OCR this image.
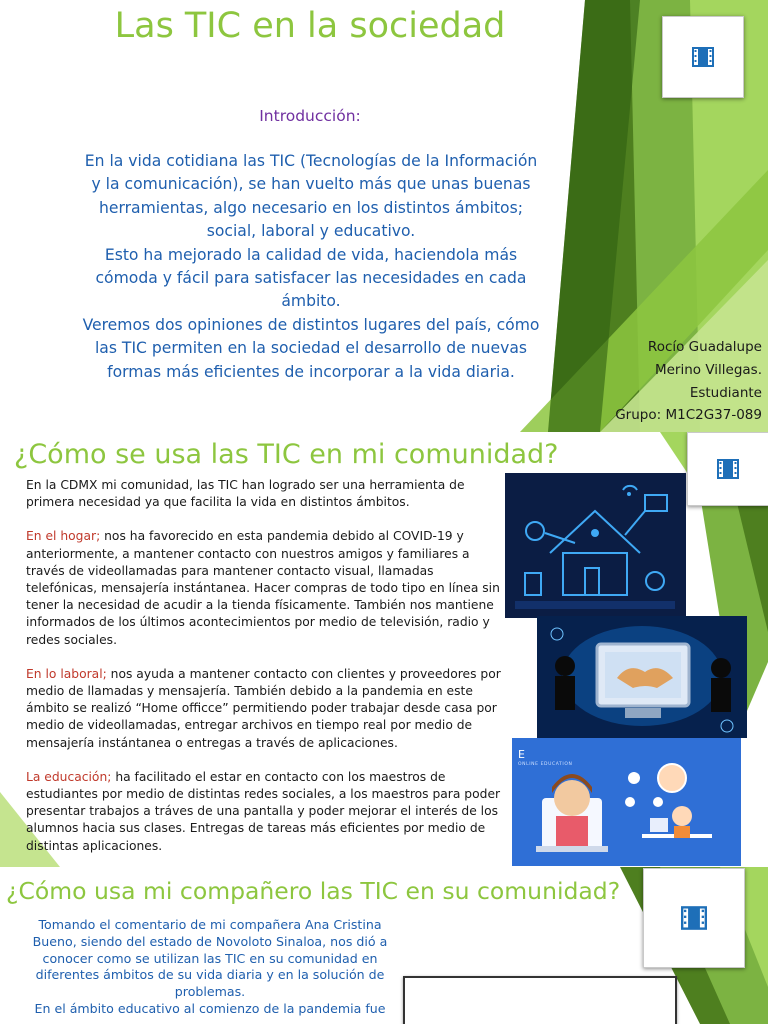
Las TIC en la sociedad
Introducción:
En la vida cotidiana las TIC (Tecnologías de la Información
y la comunicación), se han vuelto más que unas buenas
herramientas, algo necesario en los distintos ámbitos;
social, laboral y educativo.
Esto ha mejorado la calidad de vida, haciendola más
cómoda y fácil para satisfacer las necesidades en cada
ámbito.
Veremos dos opiniones de distintos lugares del país, cómo
las TIC permiten en la sociedad el desarrollo de nuevas
formas más eficientes de incorporar a la vida diaria.
Rocío Guadalupe
Merino Villegas.
Estudiante
Grupo: M1C2G37-089
¿Cómo se usa las TIC en mi comunidad?

En la CDMX mi comunidad, las TIC han logrado ser una herramienta de primera necesidad ya que facilita la vida en distintos ámbitos.

En el hogar; nos ha favorecido en esta pandemia debido al COVID-19 y anteriormente, a mantener contacto con nuestros amigos y familiares a través de videollamadas para mantener contacto visual, llamadas telefónicas, mensajería instántanea. Hacer compras de todo tipo en línea sin tener la necesidad de acudir a la tienda físicamente. También nos mantiene informados de los últimos acontecimientos por medio de televisión, radio y redes sociales.

En lo laboral; nos ayuda a mantener contacto con clientes y proveedores por medio de llamadas y mensajería. También debido a la pandemia en este ámbito se realizó “Home officce” permitiendo poder trabajar desde casa por medio de videollamadas, entregar archivos en tiempo real por medio de mensajería instántanea o entregas a través de aplicaciones.

La educación; ha facilitado el estar en contacto con los maestros de estudiantes por medio de distintas redes sociales, a los maestros para poder presentar trabajos a tráves de una pantalla y poder mejorar el interés de los alumnos hacia sus clases. Entregas de tareas más eficientes por medio de distintas aplicaciones.

E
ONLINE EDUCATION
¿Cómo usa mi compañero las TIC en su comunidad?
Tomando el comentario de mi compañera Ana Cristina
Bueno, siendo del estado de Novoloto Sinaloa, nos dió a
conocer como se utilizan las TIC en su comunidad en
diferentes ámbitos de su vida diaria y en la solución de
problemas.
En el ámbito educativo al comienzo de la pandemia fue
